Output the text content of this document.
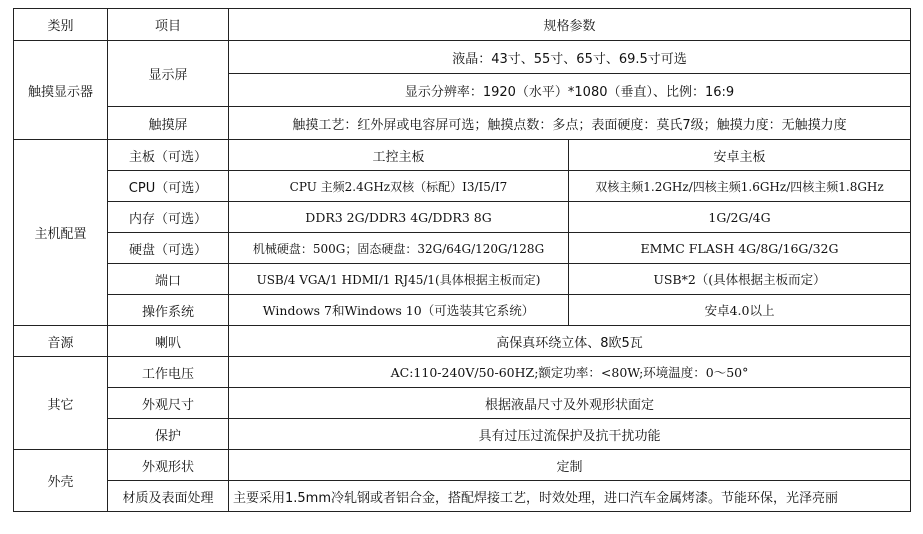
类别	项目	规格参数	
触摸显示器	显示屏	液晶：43寸、55寸、65寸、69.5寸可选	
		显示分辨率：1920（水平）*1080（垂直）、比例：16:9	
	触摸屏	触摸工艺：红外屏或电容屏可选；触摸点数：多点；表面硬度：莫氏7级；触摸力度：无触摸力度	
主机配置	主板（可选）	工控主板	安卓主板
	CPU（可选）	CPU 主频2.4GHz双核（标配）I3/I5/I7	双核主频1.2GHz/四核主频1.6GHz/四核主频1.8GHz
	内存（可选）	DDR3 2G/DDR3 4G/DDR3 8G	1G/2G/4G
	硬盘（可选）	机械硬盘：500G；固态硬盘：32G/64G/120G/128G	EMMC FLASH 4G/8G/16G/32G
	端口	USB/4 VGA/1 HDMI/1 RJ45/1(具体根据主板而定)	USB*2（(具体根据主板而定）
	操作系统	Windows 7和Windows 10（可选装其它系统）	安卓4.0以上
音源	喇叭	高保真环绕立体、8欧5瓦	
其它	工作电压	AC:110-240V/50-60HZ;额定功率：<80W;环境温度：0～50°	
	外观尺寸	根据液晶尺寸及外观形状面定	
	保护	具有过压过流保护及抗干扰功能	
外壳	外观形状	定制	
	材质及表面处理	主要采用1.5mm冷轧钢或者铝合金，搭配焊接工艺，时效处理，进口汽车金属烤漆。节能环保，光泽亮丽	
